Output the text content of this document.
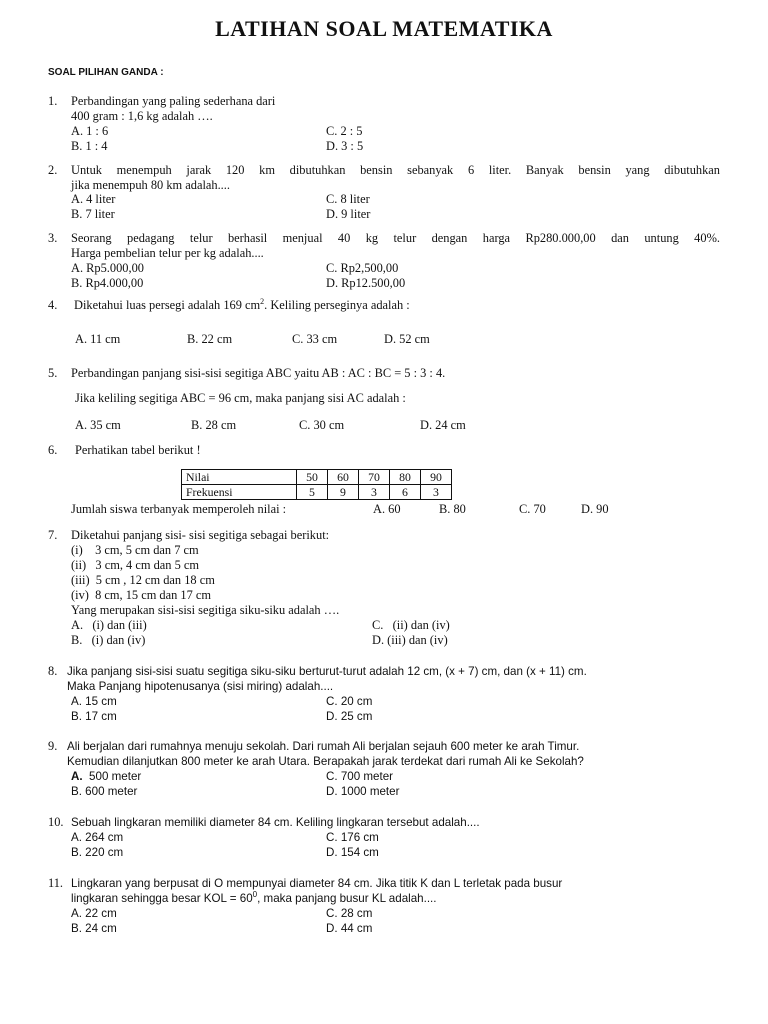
LATIHAN SOAL MATEMATIKA
SOAL PILIHAN GANDA :
1. Perbandingan yang paling sederhana dari
400 gram : 1,6 kg adalah ….
A. 1 : 6
B. 1 : 4
C. 2 : 5
D. 3 : 5
2. Untuk menempuh jarak 120 km dibutuhkan bensin sebanyak 6 liter. Banyak bensin yang dibutuhkan
jika menempuh 80 km adalah....
A. 4 liter
B. 7 liter
C. 8 liter
D. 9 liter
3. Seorang pedagang telur berhasil menjual 40 kg telur dengan harga Rp280.000,00 dan untung 40%.
Harga pembelian telur per kg adalah....
A. Rp5.000,00
B. Rp4.000,00
C. Rp2,500,00
D. Rp12.500,00
4. Diketahui luas persegi adalah 169 $cm^2$. Keliling perseginya adalah :
A. 11 cm	B. 22 cm	C. 33 cm	D. 52 cm
5. Perbandingan panjang sisi-sisi segitiga ABC yaitu AB : AC : BC = 5 : 3 : 4.
Jika keliling segitiga ABC = 96 cm, maka panjang sisi AC adalah :
A. 35 cm	B. 28 cm	C. 30 cm	D. 24 cm
6. Perhatikan tabel berikut !
Nilai	50	60	70	80	90
Frekuensi	5	9	3	6	3
Jumlah siswa terbanyak memperoleh nilai :	A. 60	B. 80	C. 70	D. 90
7. Diketahui panjang sisi- sisi segitiga sebagai berikut:
(i)    3 cm, 5 cm dan 7 cm
(ii)   3 cm, 4 cm dan 5 cm
(iii)  5 cm , 12 cm dan 18 cm
(iv)  8 cm, 15 cm dan 17 cm
Yang merupakan sisi-sisi segitiga siku-siku adalah ….
A.   (i) dan (iii)
B.   (i) dan (iv)
C.   (ii) dan (iv)
D. (iii) dan (iv)
8. Jika panjang sisi-sisi suatu segitiga siku-siku berturut-turut adalah 12 cm, (x + 7) cm, dan (x + 11) cm.
Maka Panjang hipotenusanya (sisi miring) adalah....
A. 15 cm
B. 17 cm
C. 20 cm
D. 25 cm
9. Ali berjalan dari rumahnya menuju sekolah. Dari rumah Ali berjalan sejauh 600 meter ke arah Timur.
Kemudian dilanjutkan 800 meter ke arah Utara. Berapakah jarak terdekat dari rumah Ali ke Sekolah?
A. 500 meter
B. 600 meter
C. 700 meter
D. 1000 meter
10. Sebuah lingkaran memiliki diameter 84 cm. Keliling lingkaran tersebut adalah....
A. 264 cm
B. 220 cm
C. 176 cm
D. 154 cm
11. Lingkaran yang berpusat di O mempunyai diameter 84 cm. Jika titik K dan L terletak pada busur
lingkaran sehingga besar KOL = $60^0$, maka panjang busur KL adalah....
A. 22 cm
B. 24 cm
C. 28 cm
D. 44 cm
